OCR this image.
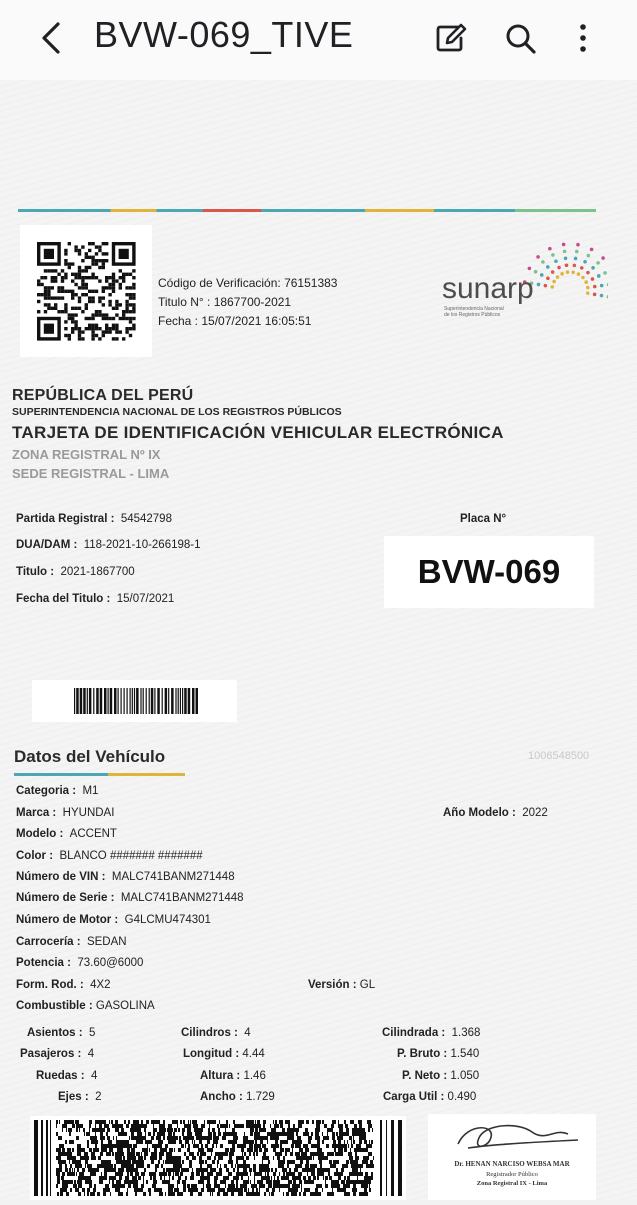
BVW-069_TIVE
Código de Verificación: 76151383
Titulo N° : 1867700-2021
Fecha : 15/07/2021 16:05:51
sunarp
Superintendencia Nacional
de los Registros Públicos
REPÚBLICA DEL PERÚ
SUPERINTENDENCIA NACIONAL DE LOS REGISTROS PÚBLICOS
TARJETA DE IDENTIFICACIÓN VEHICULAR ELECTRÓNICA
ZONA REGISTRAL Nº IX
SEDE REGISTRAL - LIMA
Partida Registral : 54542798
DUA/DAM : 118-2021-10-266198-1
Titulo : 2021-1867700
Fecha del Titulo : 15/07/2021
Placa N°
BVW-069
Datos del Vehículo	1006548500
Categoria : M1
Marca : HYUNDAI	Año Modelo : 2022
Modelo : ACCENT
Color : BLANCO ####### #######
Número de VIN : MALC741BANM271448
Número de Serie : MALC741BANM271448
Número de Motor : G4LCMU474301
Carrocería : SEDAN
Potencia : 73.60@6000
Form. Rod. : 4X2	Versión : GL
Combustible : GASOLINA
Asientos : 5	Cilindros : 4	Cilindrada : 1.368
Pasajeros : 4	Longitud : 4.44	P. Bruto : 1.540
Ruedas : 4	Altura : 1.46	P. Neto : 1.050
Ejes : 2	Ancho : 1.729	Carga Util : 0.490
Dr. HENAN NARCISO WEBSA MAR
Registrador Público
Zona Registral IX - Lima
